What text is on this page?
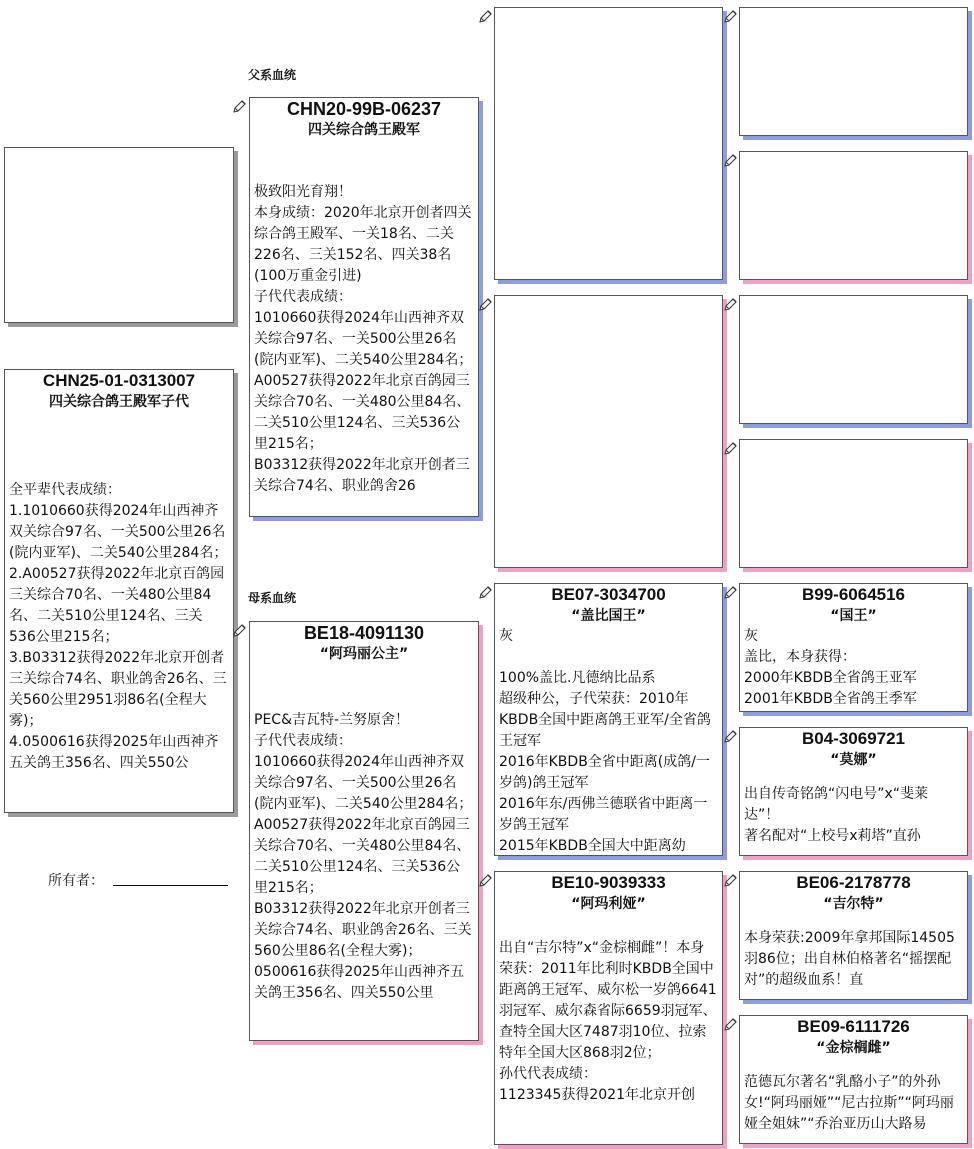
父系血统
母系血统
CHN25-01-0313007
四关综合鸽王殿军子代
全平辈代表成绩：
1.1010660获得2024年山西神齐双关综合97名、一关500公里26名(院内亚军)、二关540公里284名；
2.A00527获得2022年北京百鸽园三关综合70名、一关480公里84名、二关510公里124名、三关536公里215名；
3.B03312获得2022年北京开创者三关综合74名、职业鸽舍26名、三关560公里2951羽86名(全程大雾)；
4.0500616获得2025年山西神齐五关鸽王356名、四关550公
所有者：
CHN20-99B-06237
四关综合鸽王殿军
极致阳光育翔！
本身成绩：2020年北京开创者四关综合鸽王殿军、一关18名、二关226名、三关152名、四关38名(100万重金引进)
子代代表成绩：
1010660获得2024年山西神齐双关综合97名、一关500公里26名(院内亚军)、二关540公里284名；
A00527获得2022年北京百鸽园三关综合70名、一关480公里84名、二关510公里124名、三关536公里215名；
B03312获得2022年北京开创者三关综合74名、职业鸽舍26
BE18-4091130
“阿玛丽公主”
PEC&吉瓦特-兰努原舍！
子代代表成绩：
1010660获得2024年山西神齐双关综合97名、一关500公里26名(院内亚军)、二关540公里284名；
A00527获得2022年北京百鸽园三关综合70名、一关480公里84名、二关510公里124名、三关536公里215名；
B03312获得2022年北京开创者三关综合74名、职业鸽舍26名、三关560公里86名(全程大雾)；
0500616获得2025年山西神齐五关鸽王356名、四关550公里
BE07-3034700
“盖比国王”
灰

100%盖比.凡德纳比品系
超级种公，子代荣获：2010年KBDB全国中距离鸽王亚军/全省鸽王冠军
2016年KBDB全省中距离(成鸽/一岁鸽)鸽王冠军
2016年东/西佛兰德联省中距离一岁鸽王冠军
2015年KBDB全国大中距离幼
BE10-9039333
“阿玛利娅”
出自“吉尔特”x“金棕榈雌”！本身荣获：2011年比利时KBDB全国中距离鸽王冠军、威尔松一岁鸽6641羽冠军、威尔森省际6659羽冠军、查特全国大区7487羽10位、拉索特年全国大区868羽2位；
孙代代表成绩：
1123345获得2021年北京开创
B99-6064516
“国王”
灰
盖比，本身获得：
2000年KBDB全省鸽王亚军
2001年KBDB全省鸽王季军
B04-3069721
“莫娜”
出自传奇铭鸽“闪电号”x“斐莱达”！
著名配对“上校号x莉塔”直孙
BE06-2178778
“吉尔特”
本身荣获:2009年拿邦国际14505羽86位；出自林伯格著名“摇摆配对”的超级血系！直
BE09-6111726
“金棕榈雌”
范德瓦尔著名“乳酪小子”的外孙女!“阿玛丽娅”“尼古拉斯”“阿玛丽娅全姐妹”“乔治亚历山大路易
